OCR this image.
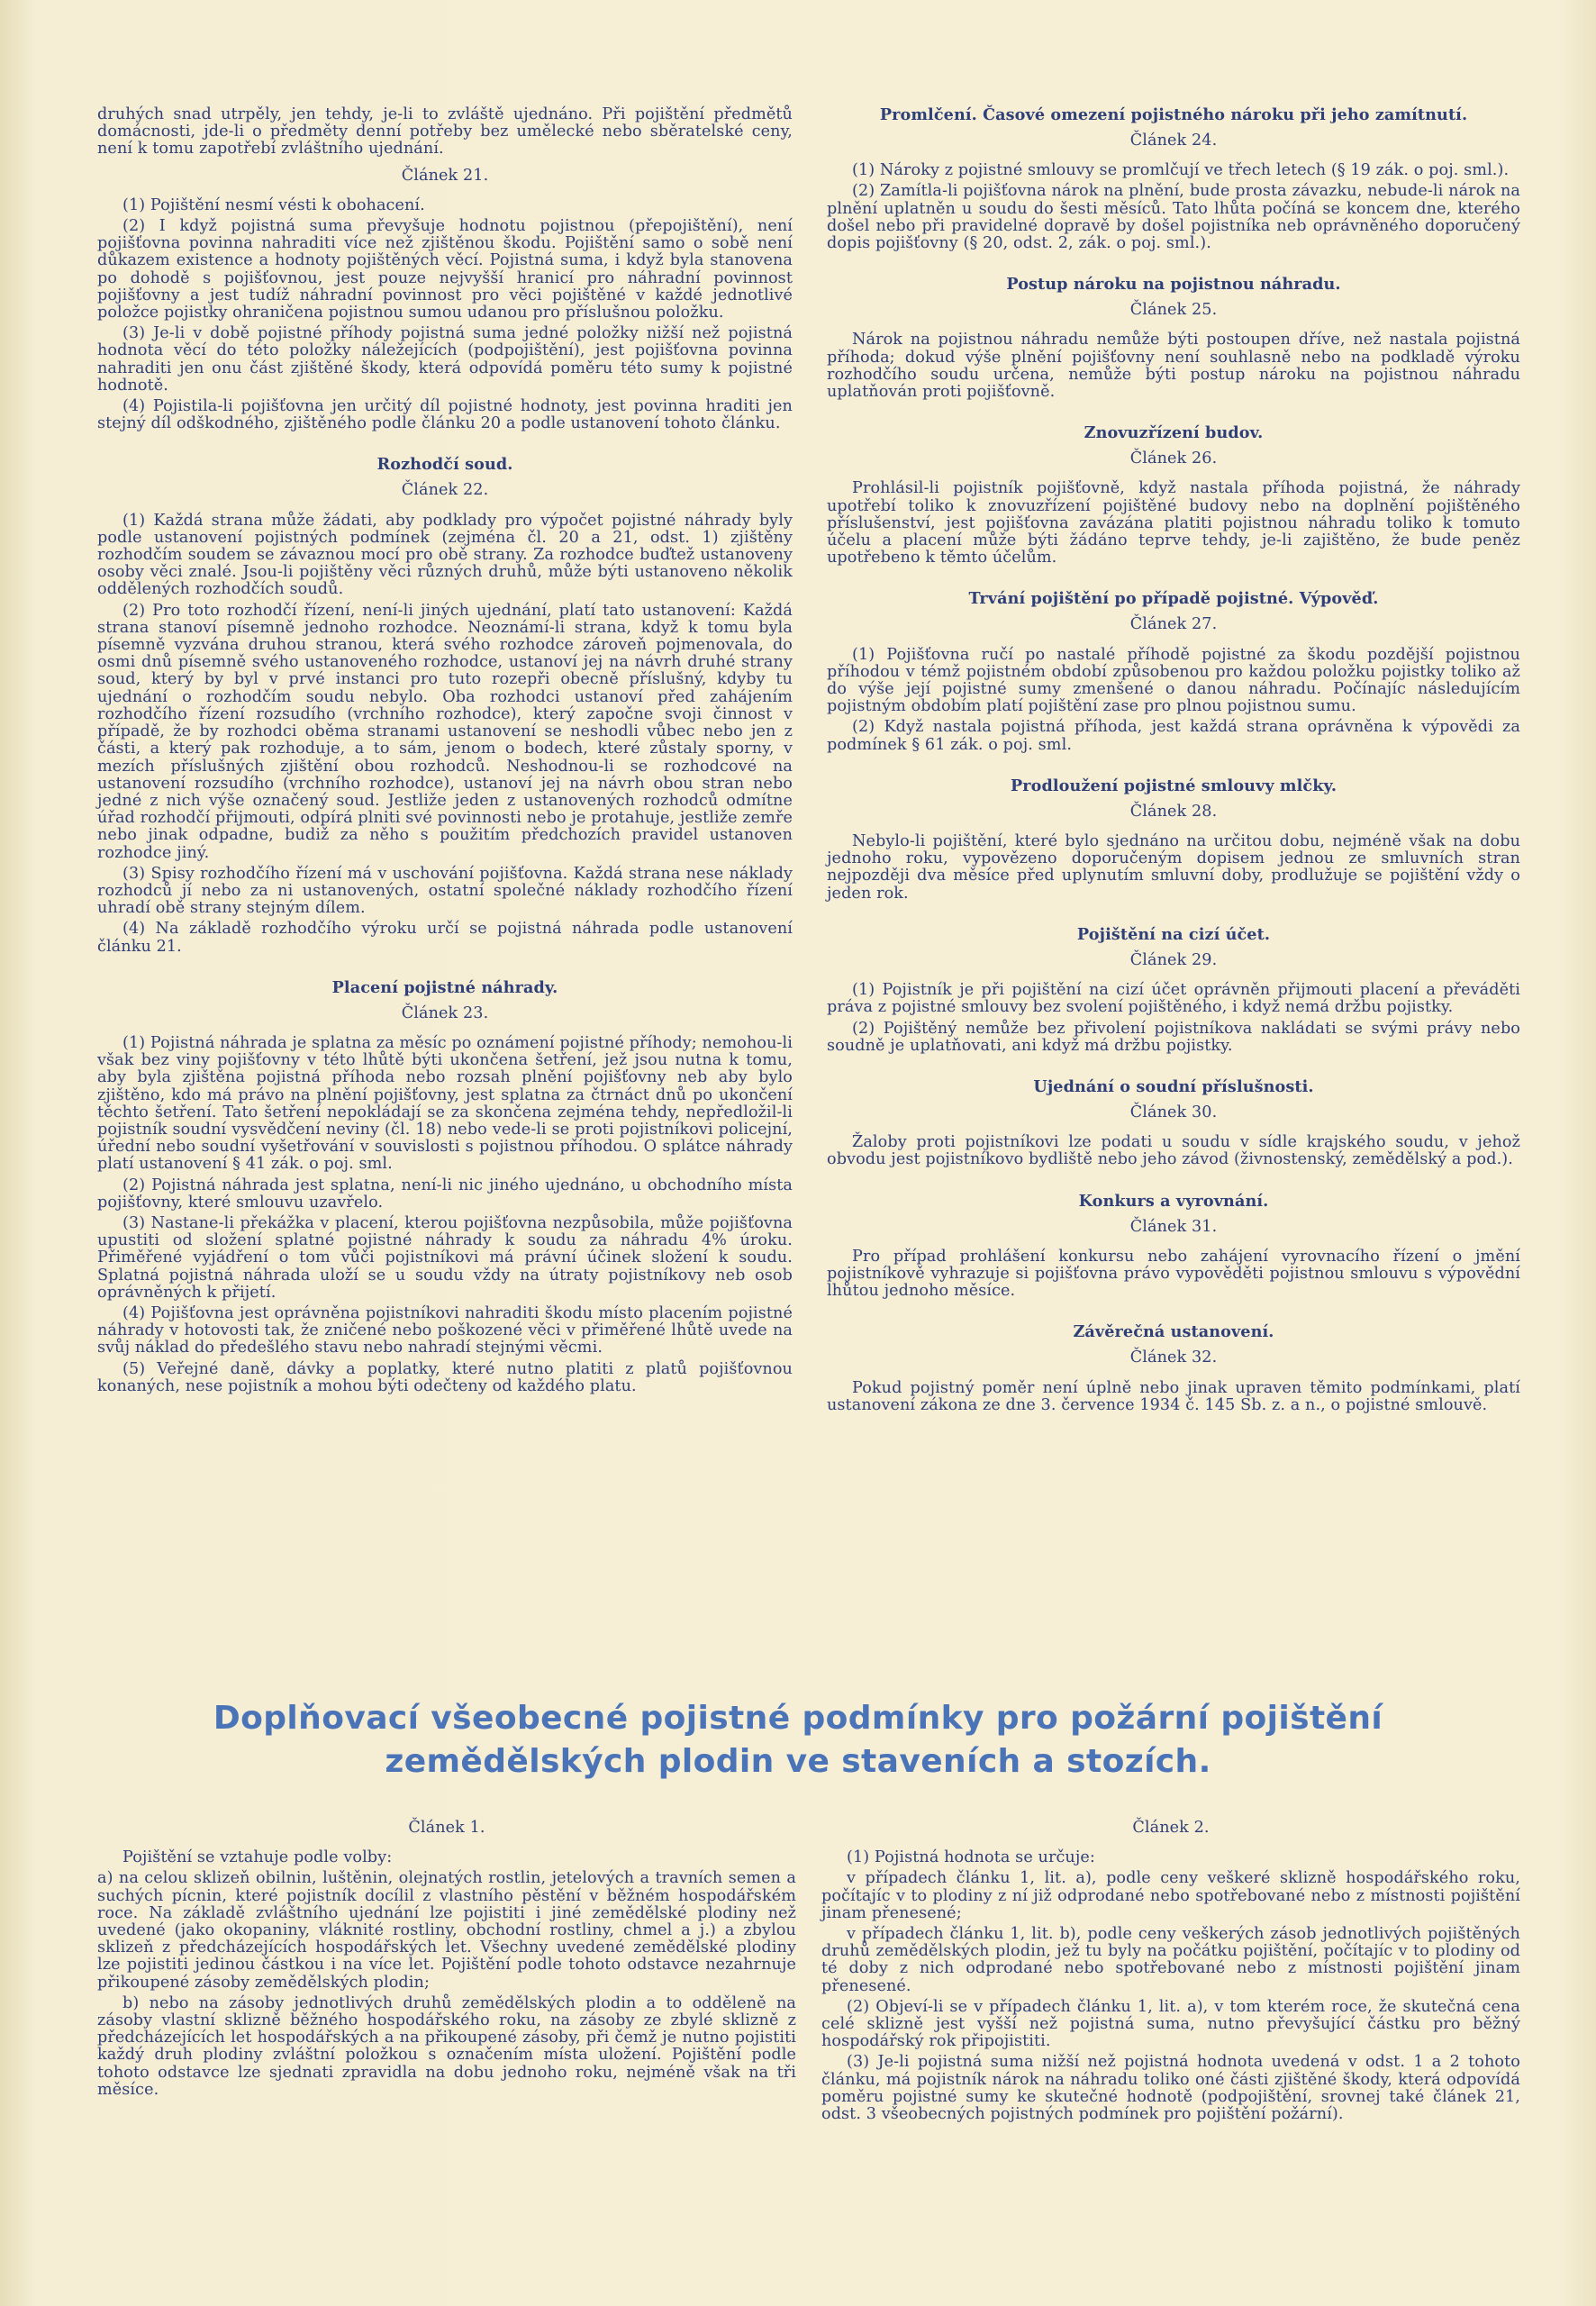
druhých snad utrpěly, jen tehdy, je-li to zvláště ujednáno. Při pojištění předmětů domácnosti, jde-li o předměty denní potřeby bez umělecké nebo sběratelské ceny, není k tomu zapotřebí zvláštního ujednání.

Článek 21.

(1) Pojištění nesmí vésti k obohacení.

(2) I když pojistná suma převyšuje hodnotu pojistnou (přepojištění), není pojišťovna povinna nahraditi více než zjištěnou škodu. Pojištění samo o sobě není důkazem existence a hodnoty pojištěných věcí. Pojistná suma, i když byla stanovena po dohodě s pojišťovnou, jest pouze nejvyšší hranicí pro náhradní povinnost pojišťovny a jest tudíž náhradní povinnost pro věci pojištěné v každé jednotlivé položce pojistky ohraničena pojistnou sumou udanou pro příslušnou položku.

(3) Je-li v době pojistné příhody pojistná suma jedné položky nižší než pojistná hodnota věcí do této položky náležejících (podpojištění), jest pojišťovna povinna nahraditi jen onu část zjištěné škody, která odpovídá poměru této sumy k pojistné hodnotě.

(4) Pojistila-li pojišťovna jen určitý díl pojistné hodnoty, jest povinna hraditi jen stejný díl odškodného, zjištěného podle článku 20 a podle ustanovení tohoto článku.

Rozhodčí soud.
Článek 22.

(1) Každá strana může žádati, aby podklady pro výpočet pojistné náhrady byly podle ustanovení pojistných podmínek (zejména čl. 20 a 21, odst. 1) zjištěny rozhodčím soudem se závaznou mocí pro obě strany. Za rozhodce buďtež ustanoveny osoby věci znalé. Jsou-li pojištěny věci různých druhů, může býti ustanoveno několik oddělených rozhodčích soudů.

(2) Pro toto rozhodčí řízení, není-li jiných ujednání, platí tato ustanovení: Každá strana stanoví písemně jednoho rozhodce. Neoznámí-li strana, když k tomu byla písemně vyzvána druhou stranou, která svého rozhodce zároveň pojmenovala, do osmi dnů písemně svého ustanoveného rozhodce, ustanoví jej na návrh druhé strany soud, který by byl v prvé instanci pro tuto rozepři obecně příslušný, kdyby tu ujednání o rozhodčím soudu nebylo. Oba rozhodci ustanoví před zahájením rozhodčího řízení rozsudího (vrchního rozhodce), který započne svoji činnost v případě, že by rozhodci oběma stranami ustanovení se neshodli vůbec nebo jen z části, a který pak rozhoduje, a to sám, jenom o bodech, které zůstaly sporny, v mezích příslušných zjištění obou rozhodců. Neshodnou-li se rozhodcové na ustanovení rozsudího (vrchního rozhodce), ustanoví jej na návrh obou stran nebo jedné z nich výše označený soud. Jestliže jeden z ustanovených rozhodců odmítne úřad rozhodčí přijmouti, odpírá plniti své povinnosti nebo je protahuje, jestliže zemře nebo jinak odpadne, budiž za něho s použitím předchozích pravidel ustanoven rozhodce jiný.

(3) Spisy rozhodčího řízení má v uschování pojišťovna. Každá strana nese náklady rozhodců jí nebo za ni ustanovených, ostatní společné náklady rozhodčího řízení uhradí obě strany stejným dílem.

(4) Na základě rozhodčího výroku určí se pojistná náhrada podle ustanovení článku 21.

Placení pojistné náhrady.
Článek 23.

(1) Pojistná náhrada je splatna za měsíc po oznámení pojistné příhody; nemohou-li však bez viny pojišťovny v této lhůtě býti ukončena šetření, jež jsou nutna k tomu, aby byla zjištěna pojistná příhoda nebo rozsah plnění pojišťovny neb aby bylo zjištěno, kdo má právo na plnění pojišťovny, jest splatna za čtrnáct dnů po ukončení těchto šetření. Tato šetření nepokládají se za skončena zejména tehdy, nepředložil-li pojistník soudní vysvědčení neviny (čl. 18) nebo vede-li se proti pojistníkovi policejní, úřední nebo soudní vyšetřování v souvislosti s pojistnou příhodou. O splátce náhrady platí ustanovení § 41 zák. o poj. sml.

(2) Pojistná náhrada jest splatna, není-li nic jiného ujednáno, u obchodního místa pojišťovny, které smlouvu uzavřelo.

(3) Nastane-li překážka v placení, kterou pojišťovna nezpůsobila, může pojišťovna upustiti od složení splatné pojistné náhrady k soudu za náhradu 4% úroku. Přiměřené vyjádření o tom vůči pojistníkovi má právní účinek složení k soudu. Splatná pojistná náhrada uloží se u soudu vždy na útraty pojistníkovy neb osob oprávněných k přijetí.

(4) Pojišťovna jest oprávněna pojistníkovi nahraditi škodu místo placením pojistné náhrady v hotovosti tak, že zničené nebo poškozené věci v přiměřené lhůtě uvede na svůj náklad do předešlého stavu nebo nahradí stejnými věcmi.

(5) Veřejné daně, dávky a poplatky, které nutno platiti z platů pojišťovnou konaných, nese pojistník a mohou býti odečteny od každého platu.

Promlčení. Časové omezení pojistného nároku při jeho zamítnutí.
Článek 24.

(1) Nároky z pojistné smlouvy se promlčují ve třech letech (§ 19 zák. o poj. sml.).

(2) Zamítla-li pojišťovna nárok na plnění, bude prosta závazku, nebude-li nárok na plnění uplatněn u soudu do šesti měsíců. Tato lhůta počíná se koncem dne, kterého došel nebo při pravidelné dopravě by došel pojistníka neb oprávněného doporučený dopis pojišťovny (§ 20, odst. 2, zák. o poj. sml.).

Postup nároku na pojistnou náhradu.
Článek 25.

Nárok na pojistnou náhradu nemůže býti postoupen dříve, než nastala pojistná příhoda; dokud výše plnění pojišťovny není souhlasně nebo na podkladě výroku rozhodčího soudu určena, nemůže býti postup nároku na pojistnou náhradu uplatňován proti pojišťovně.

Znovuzřízení budov.
Článek 26.

Prohlásil-li pojistník pojišťovně, když nastala příhoda pojistná, že náhrady upotřebí toliko k znovuzřízení pojištěné budovy nebo na doplnění pojištěného příslušenství, jest pojišťovna zavázána platiti pojistnou náhradu toliko k tomuto účelu a placení může býti žádáno teprve tehdy, je-li zajištěno, že bude peněz upotřebeno k těmto účelům.

Trvání pojištění po případě pojistné. Výpověď.
Článek 27.

(1) Pojišťovna ručí po nastalé příhodě pojistné za škodu pozdější pojistnou příhodou v témž pojistném období způsobenou pro každou položku pojistky toliko až do výše její pojistné sumy zmenšené o danou náhradu. Počínajíc následujícím pojistným obdobím platí pojištění zase pro plnou pojistnou sumu.

(2) Když nastala pojistná příhoda, jest každá strana oprávněna k výpovědi za podmínek § 61 zák. o poj. sml.

Prodloužení pojistné smlouvy mlčky.
Článek 28.

Nebylo-li pojištění, které bylo sjednáno na určitou dobu, nejméně však na dobu jednoho roku, vypovězeno doporučeným dopisem jednou ze smluvních stran nejpozději dva měsíce před uplynutím smluvní doby, prodlužuje se pojištění vždy o jeden rok.

Pojištění na cizí účet.
Článek 29.

(1) Pojistník je při pojištění na cizí účet oprávněn přijmouti placení a převáděti práva z pojistné smlouvy bez svolení pojištěného, i když nemá držbu pojistky.

(2) Pojištěný nemůže bez přivolení pojistníkova nakládati se svými právy nebo soudně je uplatňovati, ani když má držbu pojistky.

Ujednání o soudní příslušnosti.
Článek 30.

Žaloby proti pojistníkovi lze podati u soudu v sídle krajského soudu, v jehož obvodu jest pojistníkovo bydliště nebo jeho závod (živnostenský, zemědělský a pod.).

Konkurs a vyrovnání.
Článek 31.

Pro případ prohlášení konkursu nebo zahájení vyrovnacího řízení o jmění pojistníkově vyhrazuje si pojišťovna právo vypověděti pojistnou smlouvu s výpovědní lhůtou jednoho měsíce.

Závěrečná ustanovení.
Článek 32.

Pokud pojistný poměr není úplně nebo jinak upraven těmito podmínkami, platí ustanovení zákona ze dne 3. července 1934 č. 145 Sb. z. a n., o pojistné smlouvě.

Doplňovací všeobecné pojistné podmínky pro požární pojištění
zemědělských plodin ve staveních a stozích.
Článek 1.

Pojištění se vztahuje podle volby:

a) na celou sklizeň obilnin, luštěnin, olejnatých rostlin, jetelových a travních semen a suchých pícnin, které pojistník docílil z vlastního pěstění v běžném hospodářském roce. Na základě zvláštního ujednání lze pojistiti i jiné zemědělské plodiny než uvedené (jako okopaniny, vláknité rostliny, obchodní rostliny, chmel a j.) a zbylou sklizeň z předcházejících hospodářských let. Všechny uvedené zemědělské plodiny lze pojistiti jedinou částkou i na více let. Pojištění podle tohoto odstavce nezahrnuje přikoupené zásoby zemědělských plodin;

b) nebo na zásoby jednotlivých druhů zemědělských plodin a to odděleně na zásoby vlastní sklizně běžného hospodářského roku, na zásoby ze zbylé sklizně z předcházejících let hospodářských a na přikoupené zásoby, při čemž je nutno pojistiti každý druh plodiny zvláštní položkou s označením místa uložení. Pojištění podle tohoto odstavce lze sjednati zpravidla na dobu jednoho roku, nejméně však na tři měsíce.

Článek 2.

(1) Pojistná hodnota se určuje:

v případech článku 1, lit. a), podle ceny veškeré sklizně hospodářského roku, počítajíc v to plodiny z ní již odprodané nebo spotřebované nebo z místnosti pojištění jinam přenesené;

v případech článku 1, lit. b), podle ceny veškerých zásob jednotlivých pojištěných druhů zemědělských plodin, jež tu byly na počátku pojištění, počítajíc v to plodiny od té doby z nich odprodané nebo spotřebované nebo z místnosti pojištění jinam přenesené.

(2) Objeví-li se v případech článku 1, lit. a), v tom kterém roce, že skutečná cena celé sklizně jest vyšší než pojistná suma, nutno převyšující částku pro běžný hospodářský rok připojistiti.

(3) Je-li pojistná suma nižší než pojistná hodnota uvedená v odst. 1 a 2 tohoto článku, má pojistník nárok na náhradu toliko oné části zjištěné škody, která odpovídá poměru pojistné sumy ke skutečné hodnotě (podpojištění, srovnej také článek 21, odst. 3 všeobecných pojistných podmínek pro pojištění požární).
